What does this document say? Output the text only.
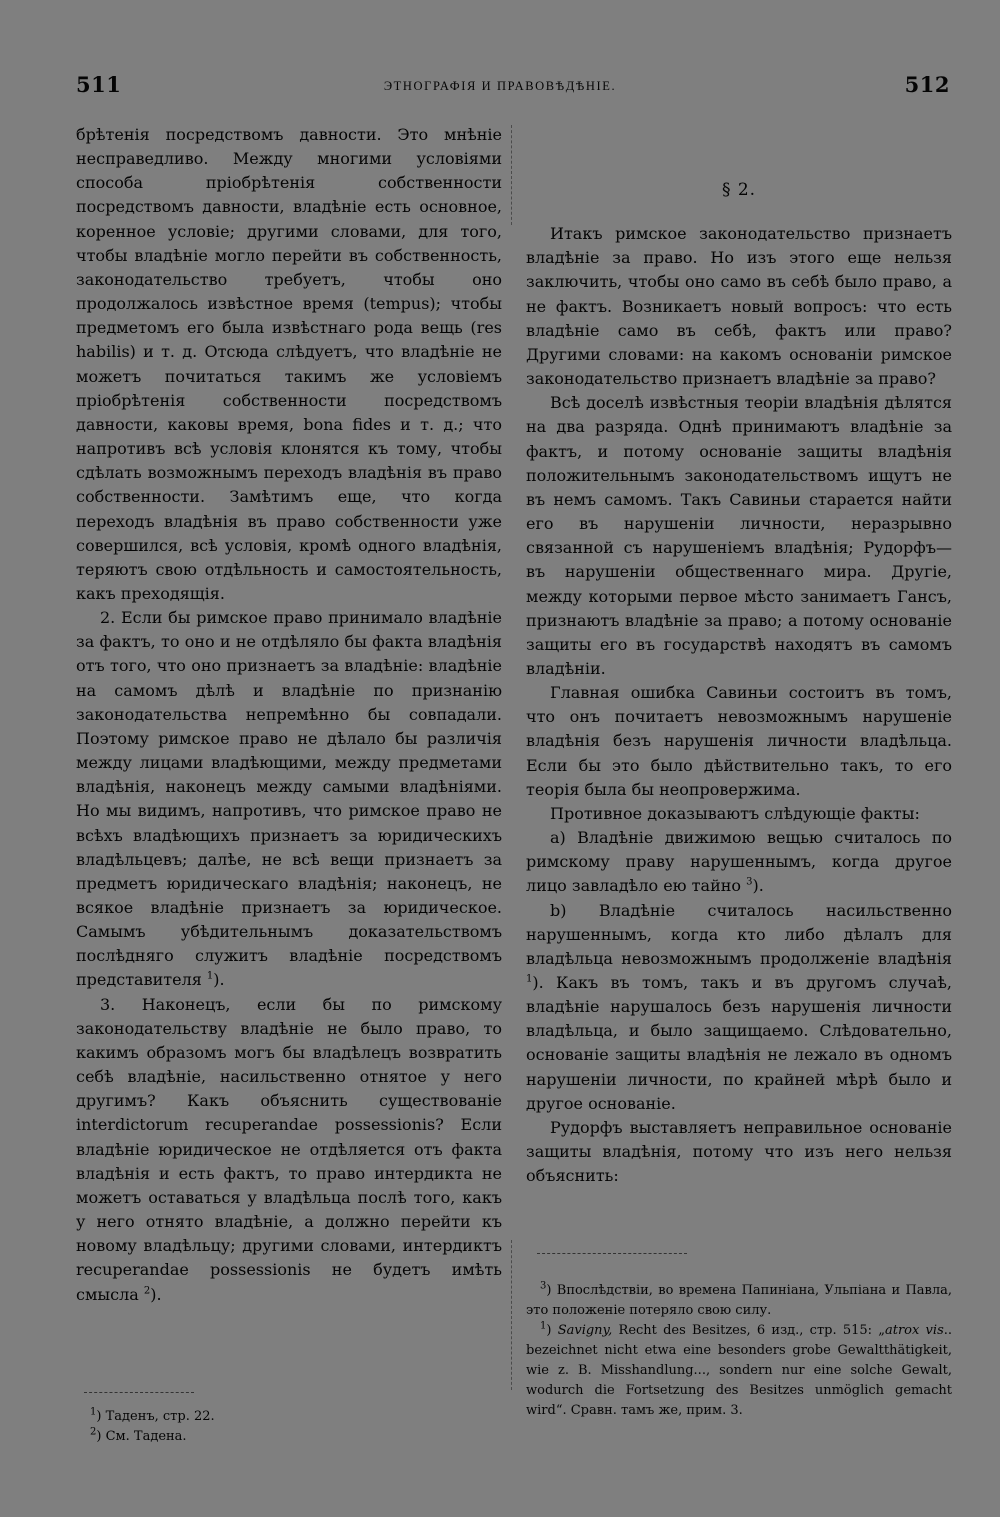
511	ЭТНОГРАФІЯ И ПРАВОВѢДѢНІЕ.	512

брѣтенія посредствомъ давности. Это мнѣніе несправедливо. Между многими условіями способа пріобрѣтенія собственности посредствомъ давности, владѣніе есть основное, коренное условіе; другими словами, для того, чтобы владѣніе могло перейти въ собственность, законодательство требуетъ, чтобы оно продолжалось извѣстное время (tempus); чтобы предметомъ его была извѣстнаго рода вещь (res habilis) и т. д. Отсюда слѣдуетъ, что владѣніе не можетъ почитаться такимъ же условіемъ пріобрѣтенія собственности посредствомъ давности, каковы время, bona fides и т. д.; что напротивъ всѣ условія клонятся къ тому, чтобы сдѣлать возможнымъ переходъ владѣнія въ право собственности. Замѣтимъ еще, что когда переходъ владѣнія въ право собственности уже совершился, всѣ условія, кромѣ одного владѣнія, теряютъ свою отдѣльность и самостоятельность, какъ преходящія.

2. Если бы римское право принимало владѣніе за фактъ, то оно и не отдѣляло бы факта владѣнія отъ того, что оно признаетъ за владѣніе: владѣніе на самомъ дѣлѣ и владѣніе по признанію законодательства непремѣнно бы совпадали. Поэтому римское право не дѣлало бы различія между лицами владѣющими, между предметами владѣнія, наконецъ между самыми владѣніями. Но мы видимъ, напротивъ, что римское право не всѣхъ владѣющихъ признаетъ за юридическихъ владѣльцевъ; далѣе, не всѣ вещи признаетъ за предметъ юридическаго владѣнія; наконецъ, не всякое владѣніе признаетъ за юридическое. Самымъ убѣдительнымъ доказательствомъ послѣдняго служитъ владѣніе посредствомъ представителя $^1$).

3. Наконецъ, если бы по римскому законодательству владѣніе не было право, то какимъ образомъ могъ бы владѣлецъ возвратить себѣ владѣніе, насильственно отнятое у него другимъ? Какъ объяснить существованіе interdictorum recuperandae possessionis? Если владѣніе юридическое не отдѣляется отъ факта владѣнія и есть фактъ, то право интердикта не можетъ оставаться у владѣльца послѣ того, какъ у него отнято владѣніе, а должно перейти къ новому владѣльцу; другими словами, интердиктъ recuperandae possessionis не будетъ имѣть смысла $^2$).

$^1$) Таденъ, стр. 22.

$^2$) См. Тадена.

§ 2.

Итакъ римское законодательство признаетъ владѣніе за право. Но изъ этого еще нельзя заключить, чтобы оно само въ себѣ было право, а не фактъ. Возникаетъ новый вопросъ: что есть владѣніе само въ себѣ, фактъ или право? Другими словами: на какомъ основаніи римское законодательство признаетъ владѣніе за право?

Всѣ доселѣ извѣстныя теоріи владѣнія дѣлятся на два разряда. Однѣ принимаютъ владѣніе за фактъ, и потому основаніе защиты владѣнія положительнымъ законодательствомъ ищутъ не въ немъ самомъ. Такъ Савиньи старается найти его въ нарушеніи личности, неразрывно связанной съ нарушеніемъ владѣнія; Рудорфъ—въ нарушеніи общественнаго мира. Другіе, между которыми первое мѣсто занимаетъ Гансъ, признаютъ владѣніе за право; а потому основаніе защиты его въ государствѣ находятъ въ самомъ владѣніи.

Главная ошибка Савиньи состоитъ въ томъ, что онъ почитаетъ невозможнымъ нарушеніе владѣнія безъ нарушенія личности владѣльца. Если бы это было дѣйствительно такъ, то его теорія была бы неопровержима.

Противное доказываютъ слѣдующіе факты:

a) Владѣніе движимою вещью считалось по римскому праву нарушеннымъ, когда другое лицо завладѣло ею тайно $^3$).

b) Владѣніе считалось насильственно нарушеннымъ, когда кто либо дѣлалъ для владѣльца невозможнымъ продолженіе владѣнія $^1$). Какъ въ томъ, такъ и въ другомъ случаѣ, владѣніе нарушалось безъ нарушенія личности владѣльца, и было защищаемо. Слѣдовательно, основаніе защиты владѣнія не лежало въ одномъ нарушеніи личности, по крайней мѣрѣ было и другое основаніе.

Рудорфъ выставляетъ неправильное основаніе защиты владѣнія, потому что изъ него нельзя объяснить:

$^3$) Впослѣдствіи, во времена Папиніана, Ульпіана и Павла, это положеніе потеряло свою силу.

$^1$) Savigny, Recht des Besitzes, 6 изд., стр. 515: „atrox vis.. bezeichnet nicht etwa eine besonders grobe Gewaltthätigkeit, wie z. B. Misshandlung..., sondern nur eine solche Gewalt, wodurch die Fortsetzung des Besitzes unmöglich gemacht wird“. Сравн. тамъ же, прим. 3.
